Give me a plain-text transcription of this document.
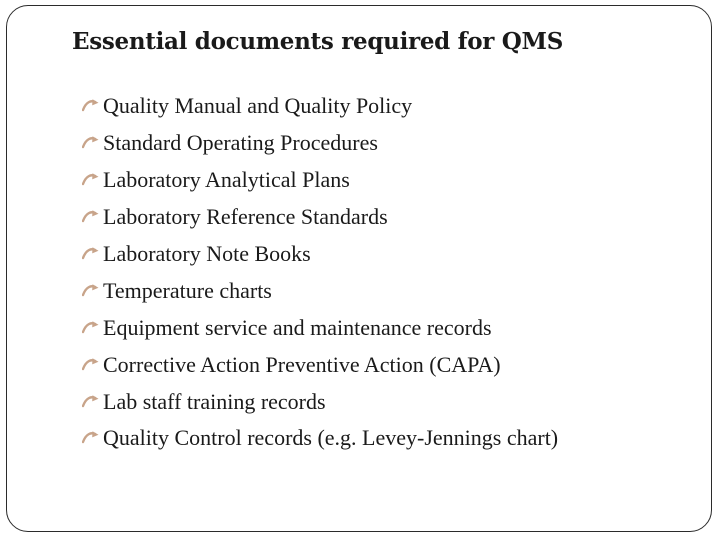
Essential documents required for QMS
Quality Manual and Quality Policy
Standard Operating Procedures
Laboratory Analytical Plans
Laboratory Reference Standards
Laboratory Note Books
Temperature charts
Equipment service and maintenance records
Corrective Action Preventive Action (CAPA)
Lab staff training records
Quality Control records (e.g. Levey-Jennings chart)
